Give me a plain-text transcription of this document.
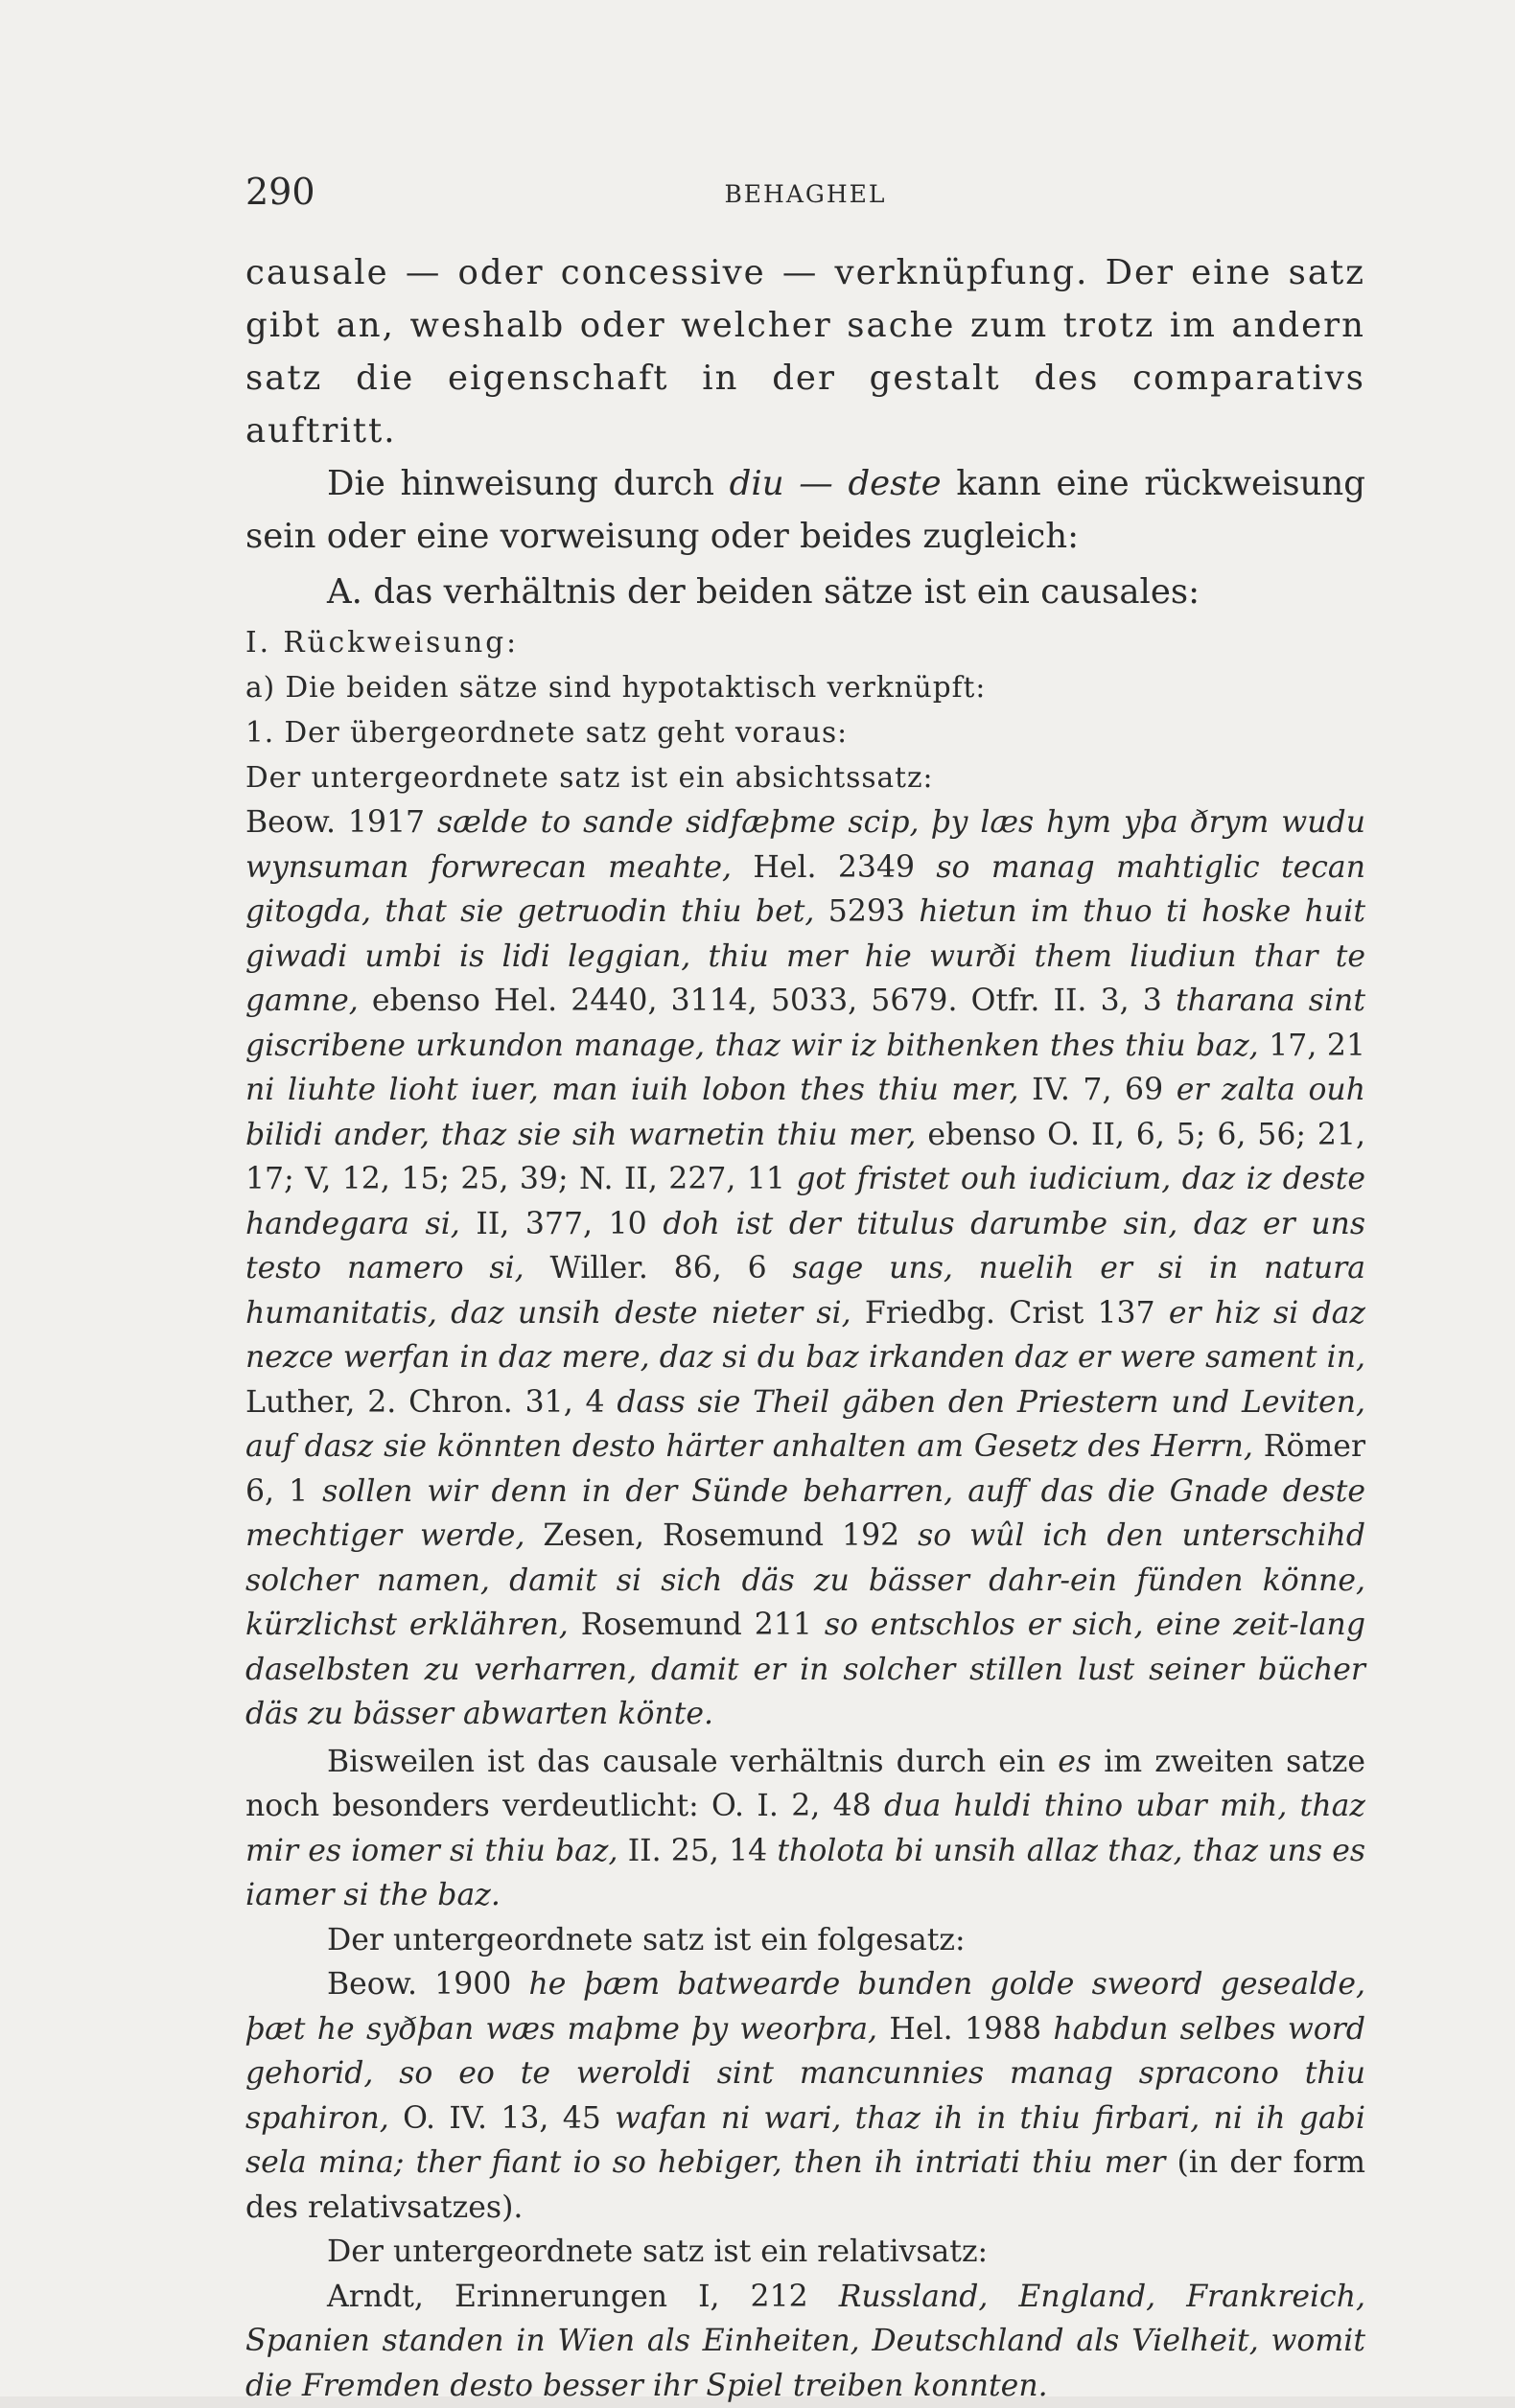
290	BEHAGHEL

causale — oder concessive — verknüpfung. Der eine satz gibt an, weshalb oder welcher sache zum trotz im andern satz die eigenschaft in der gestalt des comparativs auftritt.

Die hinweisung durch diu — deste kann eine rückweisung sein oder eine vorweisung oder beides zugleich:

A. das verhältnis der beiden sätze ist ein causales:

I. Rückweisung:

a) Die beiden sätze sind hypotaktisch verknüpft:

1. Der übergeordnete satz geht voraus:

Der untergeordnete satz ist ein absichtssatz:

Beow. 1917 sælde to sande sidfæþme scip, þy læs hym yþa ðrym wudu wynsuman forwrecan meahte, Hel. 2349 so manag mahtiglic tecan gitogda, that sie getruodin thiu bet, 5293 hietun im thuo ti hoske huit giwadi umbi is lidi leggian, thiu mer hie wurði them liudiun thar te gamne, ebenso Hel. 2440, 3114, 5033, 5679. Otfr. II. 3, 3 tharana sint giscribene urkundon manage, thaz wir iz bithenken thes thiu baz, 17, 21 ni liuhte lioht iuer, man iuih lobon thes thiu mer, IV. 7, 69 er zalta ouh bilidi ander, thaz sie sih warnetin thiu mer, ebenso O. II, 6, 5; 6, 56; 21, 17; V, 12, 15; 25, 39; N. II, 227, 11 got fristet ouh iudicium, daz iz deste handegara si, II, 377, 10 doh ist der titulus darumbe sin, daz er uns testo namero si, Willer. 86, 6 sage uns, nuelih er si in natura humanitatis, daz unsih deste nieter si, Friedbg. Crist 137 er hiz si daz nezce werfan in daz mere, daz si du baz irkanden daz er were sament in, Luther, 2. Chron. 31, 4 dass sie Theil gäben den Priestern und Leviten, auf dasz sie könnten desto härter anhalten am Gesetz des Herrn, Römer 6, 1 sollen wir denn in der Sünde beharren, auff das die Gnade deste mechtiger werde, Zesen, Rosemund 192 so wûl ich den unterschihd solcher namen, damit si sich däs zu bässer dahr-ein fünden könne, kürzlichst erklähren, Rosemund 211 so entschlos er sich, eine zeit-lang daselbsten zu verharren, damit er in solcher stillen lust seiner bücher däs zu bässer abwarten könte.

Bisweilen ist das causale verhältnis durch ein es im zweiten satze noch besonders verdeutlicht: O. I. 2, 48 dua huldi thino ubar mih, thaz mir es iomer si thiu baz, II. 25, 14 tholota bi unsih allaz thaz, thaz uns es iamer si the baz.

Der untergeordnete satz ist ein folgesatz:

Beow. 1900 he þæm batwearde bunden golde sweord gesealde, þæt he syðþan wæs maþme þy weorþra, Hel. 1988 habdun selbes word gehorid, so eo te weroldi sint mancunnies manag spracono thiu spahiron, O. IV. 13, 45 wafan ni wari, thaz ih in thiu firbari, ni ih gabi sela mina; ther fiant io so hebiger, then ih intriati thiu mer (in der form des relativsatzes).

Der untergeordnete satz ist ein relativsatz:

Arndt, Erinnerungen I, 212 Russland, England, Frankreich, Spanien standen in Wien als Einheiten, Deutschland als Vielheit, womit die Fremden desto besser ihr Spiel treiben konnten.
